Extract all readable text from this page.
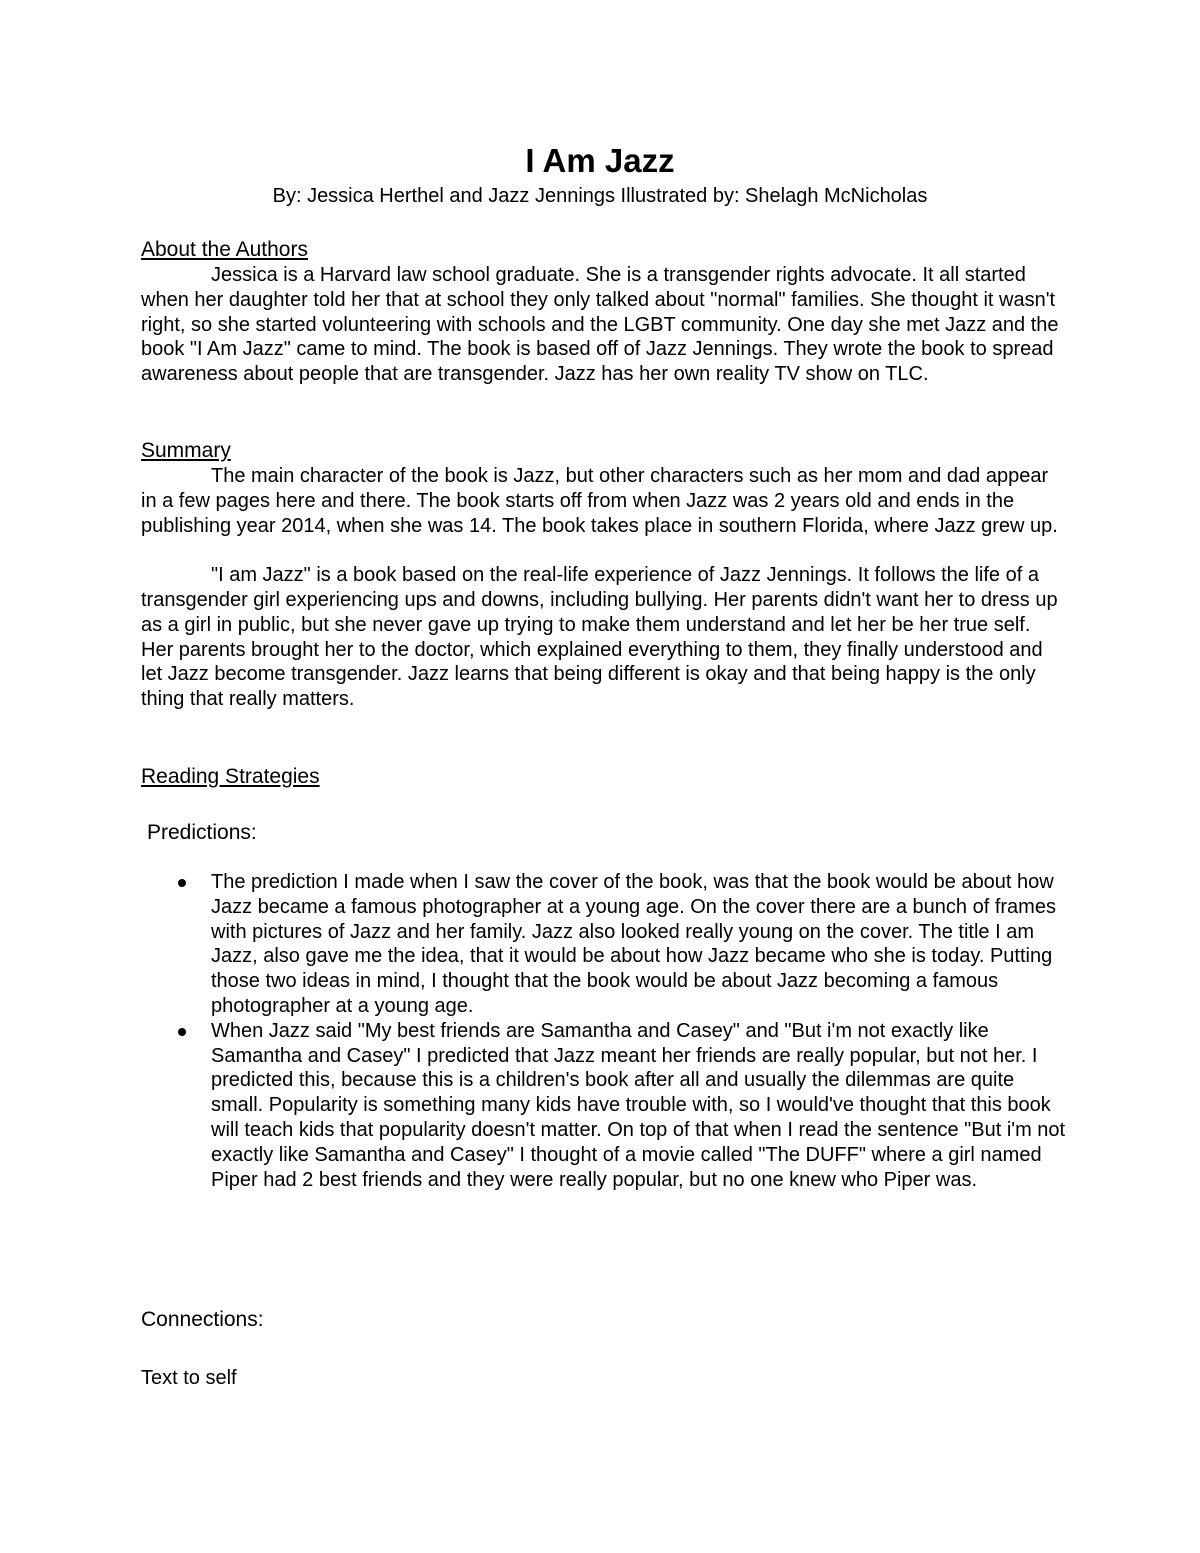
I Am Jazz
By: Jessica Herthel and Jazz Jennings Illustrated by: Shelagh McNicholas

About the Authors

Jessica is a Harvard law school graduate. She is a transgender rights advocate. It all started when her daughter told her that at school they only talked about "normal" families. She thought it wasn't right, so she started volunteering with schools and the LGBT community. One day she met Jazz and the book "I Am Jazz" came to mind. The book is based off of Jazz Jennings. They wrote the book to spread awareness about people that are transgender. Jazz has her own reality TV show on TLC.

Summary

The main character of the book is Jazz, but other characters such as her mom and dad appear in a few pages here and there. The book starts off from when Jazz was 2 years old and ends in the publishing year 2014, when she was 14. The book takes place in southern Florida, where Jazz grew up.

"I am Jazz" is a book based on the real-life experience of Jazz Jennings. It follows the life of a transgender girl experiencing ups and downs, including bullying. Her parents didn't want her to dress up as a girl in public, but she never gave up trying to make them understand and let her be her true self. Her parents brought her to the doctor, which explained everything to them, they finally understood and let Jazz become transgender. Jazz learns that being different is okay and that being happy is the only thing that really matters.

Reading Strategies

Predictions:
The prediction I made when I saw the cover of the book, was that the book would be about how Jazz became a famous photographer at a young age. On the cover there are a bunch of frames with pictures of Jazz and her family. Jazz also looked really young on the cover. The title I am Jazz, also gave me the idea, that it would be about how Jazz became who she is today. Putting those two ideas in mind, I thought that the book would be about Jazz becoming a famous photographer at a young age.
When Jazz said "My best friends are Samantha and Casey" and "But i'm not exactly like Samantha and Casey" I predicted that Jazz meant her friends are really popular, but not her. I predicted this, because this is a children's book after all and usually the dilemmas are quite small. Popularity is something many kids have trouble with, so I would've thought that this book will teach kids that popularity doesn't matter. On top of that when I read the sentence "But i'm not exactly like Samantha and Casey" I thought of a movie called "The DUFF" where a girl named Piper had 2 best friends and they were really popular, but no one knew who Piper was.
Connections:
Text to self
